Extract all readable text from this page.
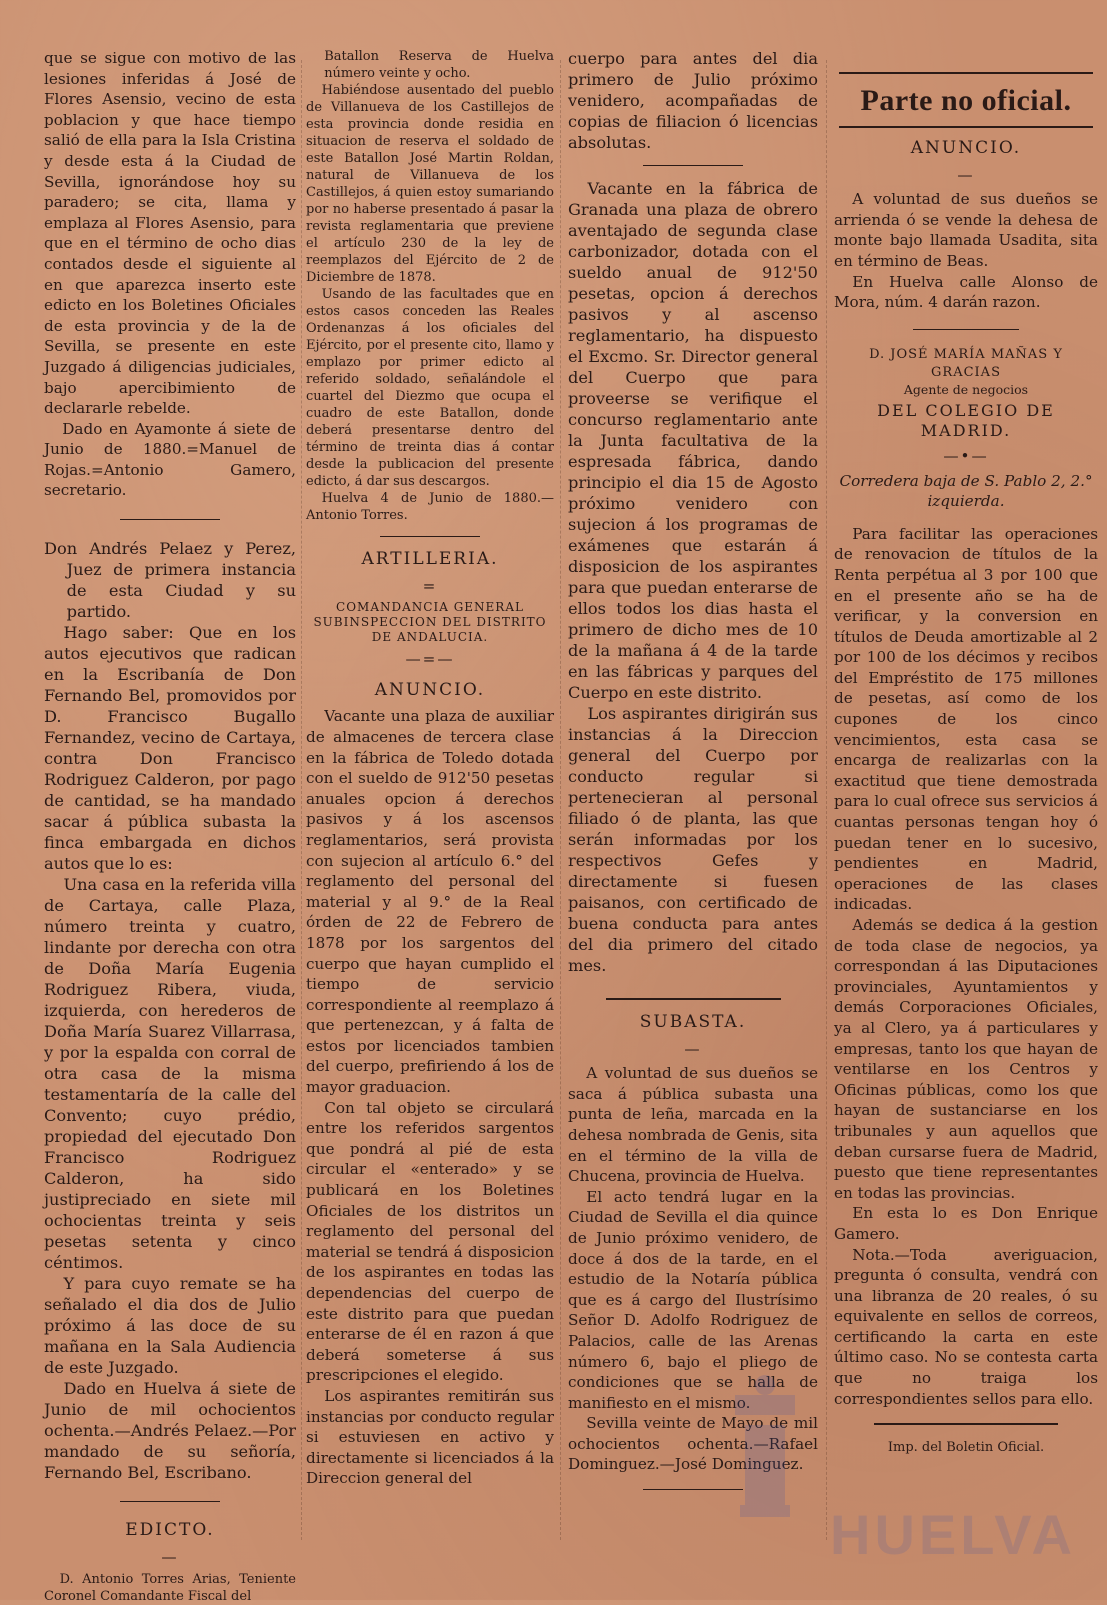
que se sigue con motivo de las lesiones inferidas á José de Flores Asensio, vecino de esta poblacion y que hace tiempo salió de ella para la Isla Cristina y desde esta á la Ciudad de Sevilla, ignorándose hoy su paradero; se cita, llama y emplaza al Flores Asensio, para que en el término de ocho dias contados desde el siguiente al en que aparezca inserto este edicto en los Boletines Oficiales de esta provincia y de la de Sevilla, se presente en este Juzgado á diligencias judiciales, bajo apercibimiento de declararle rebelde.

Dado en Ayamonte á siete de Junio de 1880.=Manuel de Rojas.=Antonio Gamero, secretario.

Don Andrés Pelaez y Perez, Juez de primera instancia de esta Ciudad y su partido.

Hago saber: Que en los autos ejecutivos que radican en la Escribanía de Don Fernando Bel, promovidos por D. Francisco Bugallo Fernandez, vecino de Cartaya, contra Don Francisco Rodriguez Calderon, por pago de cantidad, se ha mandado sacar á pública subasta la finca embargada en dichos autos que lo es:

Una casa en la referida villa de Cartaya, calle Plaza, número treinta y cuatro, lindante por derecha con otra de Doña María Eugenia Rodriguez Ribera, viuda, izquierda, con herederos de Doña María Suarez Villarrasa, y por la espalda con corral de otra casa de la misma testamentaría de la calle del Convento; cuyo prédio, propiedad del ejecutado Don Francisco Rodriguez Calderon, ha sido justipreciado en siete mil ochocientas treinta y seis pesetas setenta y cinco céntimos.

Y para cuyo remate se ha señalado el dia dos de Julio próximo á las doce de su mañana en la Sala Audiencia de este Juzgado.

Dado en Huelva á siete de Junio de mil ochocientos ochenta.—Andrés Pelaez.—Por mandado de su señoría, Fernando Bel, Escribano.

EDICTO.
—

D. Antonio Torres Arias, Teniente Coronel Comandante Fiscal del

Batallon Reserva de Huelva número veinte y ocho.

Habiéndose ausentado del pueblo de Villanueva de los Castillejos de esta provincia donde residia en situacion de reserva el soldado de este Batallon José Martin Roldan, natural de Villanueva de los Castillejos, á quien estoy sumariando por no haberse presentado á pasar la revista reglamentaria que previene el artículo 230 de la ley de reemplazos del Ejército de 2 de Diciembre de 1878.

Usando de las facultades que en estos casos conceden las Reales Ordenanzas á los oficiales del Ejército, por el presente cito, llamo y emplazo por primer edicto al referido soldado, señalándole el cuartel del Diezmo que ocupa el cuadro de este Batallon, donde deberá presentarse dentro del término de treinta dias á contar desde la publicacion del presente edicto, á dar sus descargos.

Huelva 4 de Junio de 1880.—Antonio Torres.

ARTILLERIA.
=
COMANDANCIA GENERAL SUBINSPECCION DEL DISTRITO DE ANDALUCIA.
—=—
ANUNCIO.

Vacante una plaza de auxiliar de almacenes de tercera clase en la fábrica de Toledo dotada con el sueldo de 912'50 pesetas anuales opcion á derechos pasivos y á los ascensos reglamentarios, será provista con sujecion al artículo 6.° del reglamento del personal del material y al 9.° de la Real órden de 22 de Febrero de 1878 por los sargentos del cuerpo que hayan cumplido el tiempo de servicio correspondiente al reemplazo á que pertenezcan, y á falta de estos por licenciados tambien del cuerpo, prefiriendo á los de mayor graduacion.

Con tal objeto se circulará entre los referidos sargentos que pondrá al pié de esta circular el «enterado» y se publicará en los Boletines Oficiales de los distritos un reglamento del personal del material se tendrá á disposicion de los aspirantes en todas las dependencias del cuerpo de este distrito para que puedan enterarse de él en razon á que deberá someterse á sus prescripciones el elegido.

Los aspirantes remitirán sus instancias por conducto regular si estuviesen en activo y directamente si licenciados á la Direccion general del

cuerpo para antes del dia primero de Julio próximo venidero, acompañadas de copias de filiacion ó licencias absolutas.

Vacante en la fábrica de Granada una plaza de obrero aventajado de segunda clase carbonizador, dotada con el sueldo anual de 912'50 pesetas, opcion á derechos pasivos y al ascenso reglamentario, ha dispuesto el Excmo. Sr. Director general del Cuerpo que para proveerse se verifique el concurso reglamentario ante la Junta facultativa de la espresada fábrica, dando principio el dia 15 de Agosto próximo venidero con sujecion á los programas de exámenes que estarán á disposicion de los aspirantes para que puedan enterarse de ellos todos los dias hasta el primero de dicho mes de 10 de la mañana á 4 de la tarde en las fábricas y parques del Cuerpo en este distrito.

Los aspirantes dirigirán sus instancias á la Direccion general del Cuerpo por conducto regular si pertenecieran al personal filiado ó de planta, las que serán informadas por los respectivos Gefes y directamente si fuesen paisanos, con certificado de buena conducta para antes del dia primero del citado mes.

SUBASTA.
—

A voluntad de sus dueños se saca á pública subasta una punta de leña, marcada en la dehesa nombrada de Genis, sita en el término de la villa de Chucena, provincia de Huelva.

El acto tendrá lugar en la Ciudad de Sevilla el dia quince de Junio próximo venidero, de doce á dos de la tarde, en el estudio de la Notaría pública que es á cargo del Ilustrísimo Señor D. Adolfo Rodriguez de Palacios, calle de las Arenas número 6, bajo el pliego de condiciones que se halla de manifiesto en el mismo.

Sevilla veinte de Mayo de mil ochocientos ochenta.—Rafael Dominguez.—José Dominguez.

Parte no oficial.
ANUNCIO.
—

A voluntad de sus dueños se arrienda ó se vende la dehesa de monte bajo llamada Usadita, sita en término de Beas.

En Huelva calle Alonso de Mora, núm. 4 darán razon.

D. JOSÉ MARÍA MAÑAS Y GRACIAS
Agente de negocios
DEL COLEGIO DE MADRID.
—•—
Corredera baja de S. Pablo 2, 2.° izquierda.

Para facilitar las operaciones de renovacion de títulos de la Renta perpétua al 3 por 100 que en el presente año se ha de verificar, y la conversion en títulos de Deuda amortizable al 2 por 100 de los décimos y recibos del Empréstito de 175 millones de pesetas, así como de los cupones de los cinco vencimientos, esta casa se encarga de realizarlas con la exactitud que tiene demostrada para lo cual ofrece sus servicios á cuantas personas tengan hoy ó puedan tener en lo sucesivo, pendientes en Madrid, operaciones de las clases indicadas.

Además se dedica á la gestion de toda clase de negocios, ya correspondan á las Diputaciones provinciales, Ayuntamientos y demás Corporaciones Oficiales, ya al Clero, ya á particulares y empresas, tanto los que hayan de ventilarse en los Centros y Oficinas públicas, como los que hayan de sustanciarse en los tribunales y aun aquellos que deban cursarse fuera de Madrid, puesto que tiene representantes en todas las provincias.

En esta lo es Don Enrique Gamero.

Nota.—Toda averiguacion, pregunta ó consulta, vendrá con una libranza de 20 reales, ó su equivalente en sellos de correos, certificando la carta en este último caso. No se contesta carta que no traiga los correspondientes sellos para ello.

Imp. del Boletin Oficial.
HUELVA
